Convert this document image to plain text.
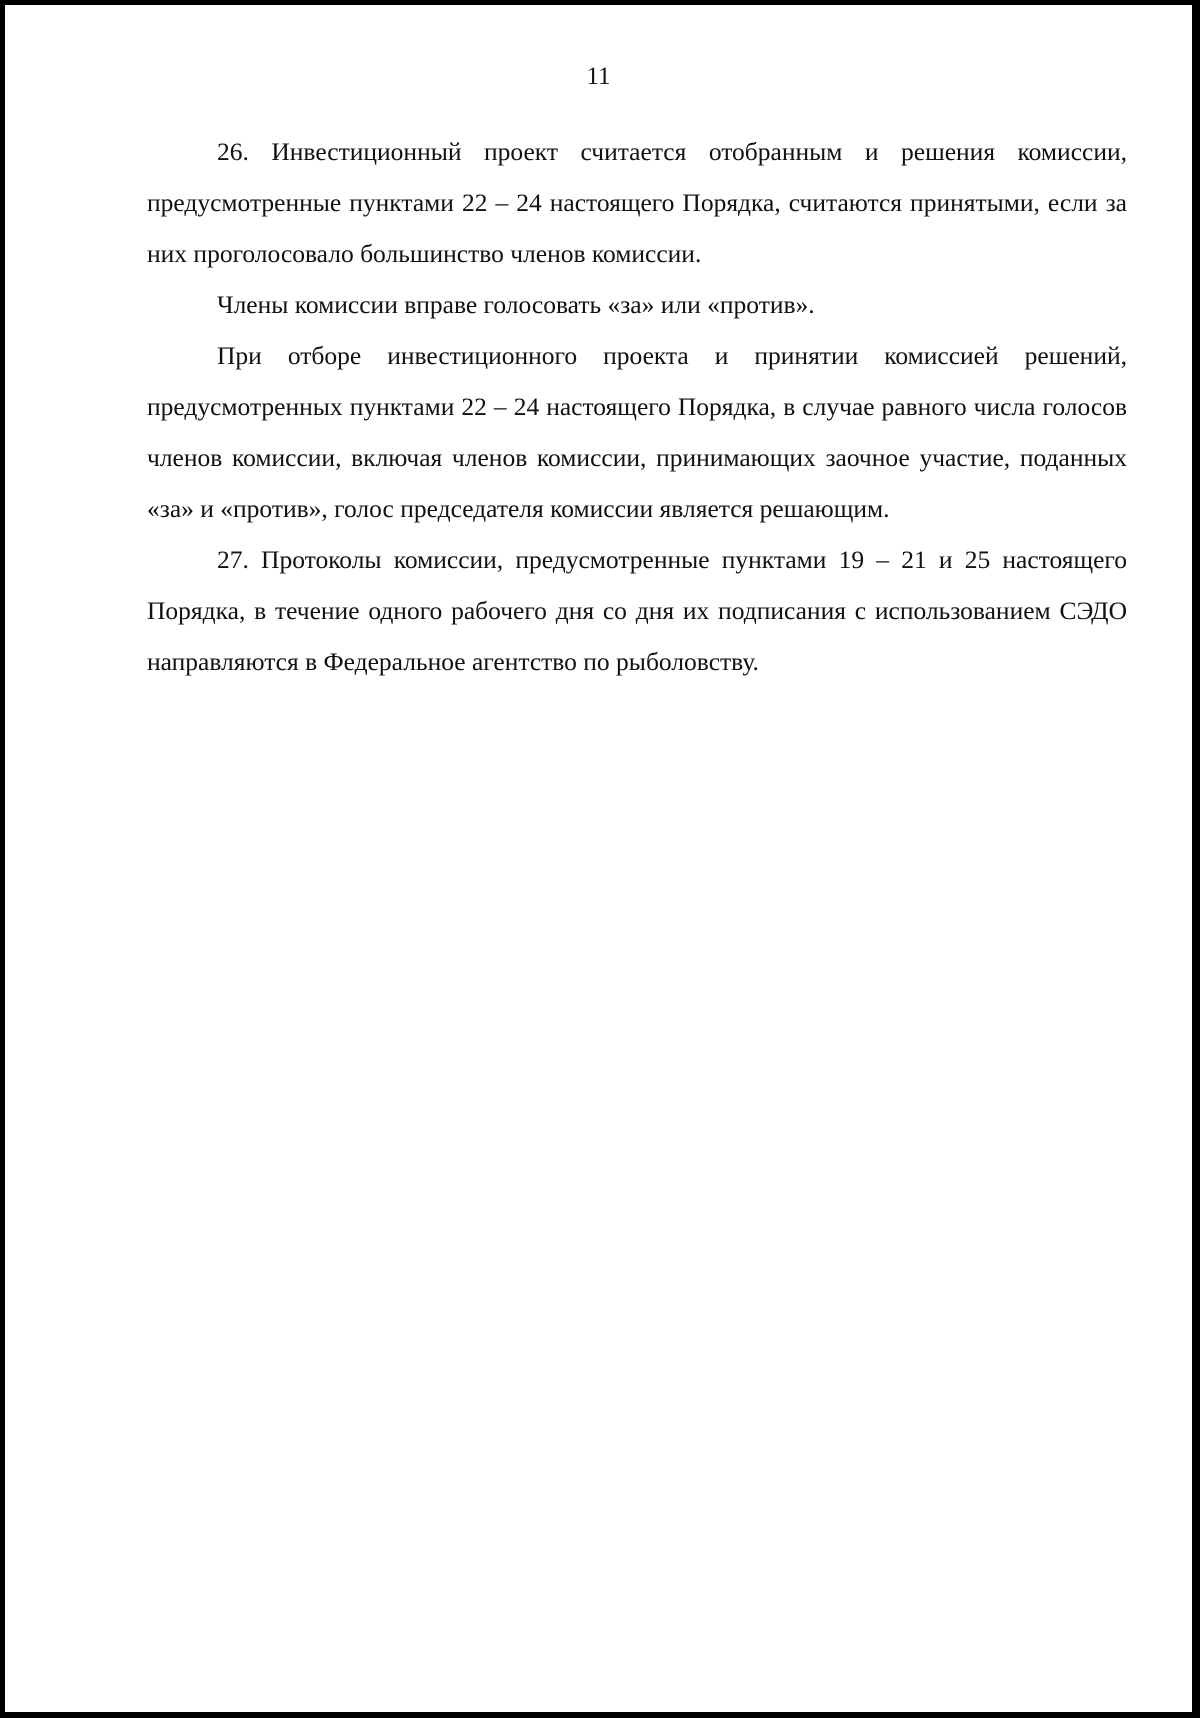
11

26. Инвестиционный проект считается отобранным и решения комиссии, предусмотренные пунктами 22 – 24 настоящего Порядка, считаются принятыми, если за них проголосовало большинство членов комиссии.

Члены комиссии вправе голосовать «за» или «против».

При отборе инвестиционного проекта и принятии комиссией решений, предусмотренных пунктами 22 – 24 настоящего Порядка, в случае равного числа голосов членов комиссии, включая членов комиссии, принимающих заочное участие, поданных «за» и «против», голос председателя комиссии является решающим.

27. Протоколы комиссии, предусмотренные пунктами 19 – 21 и 25 настоящего Порядка, в течение одного рабочего дня со дня их подписания с использованием СЭДО направляются в Федеральное агентство по рыболовству.
